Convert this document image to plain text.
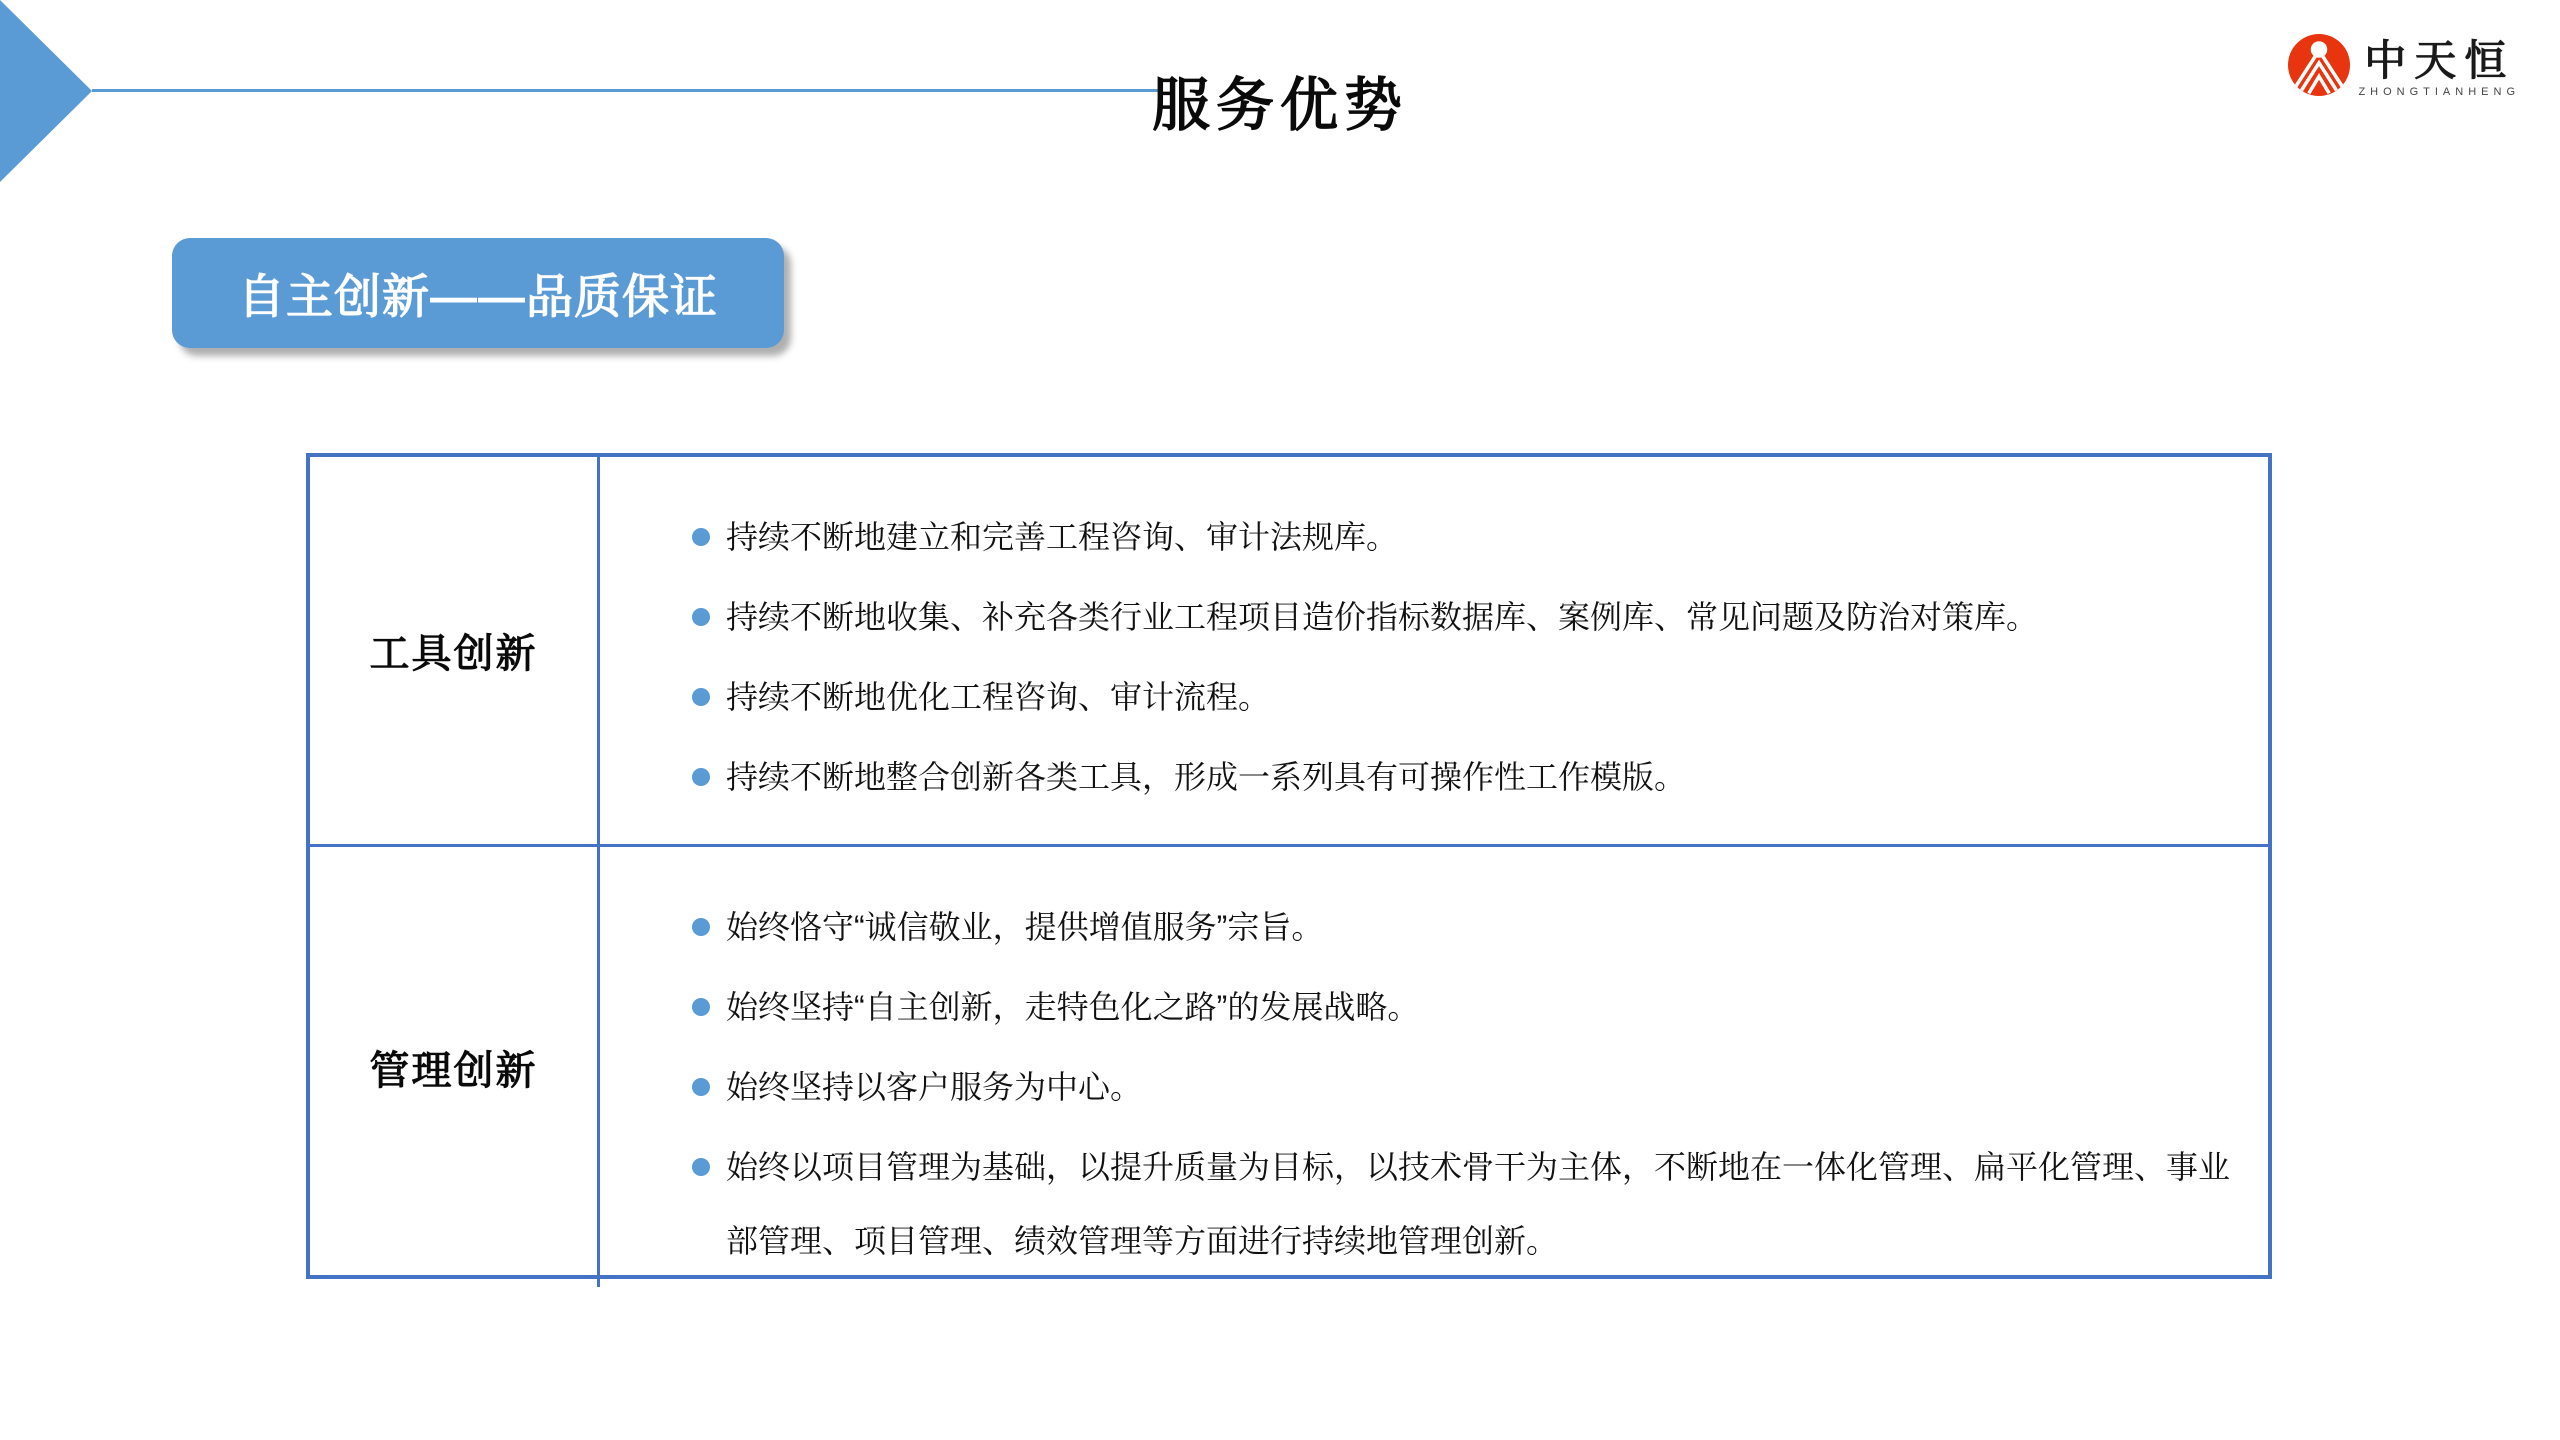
服务优势
中天恒
ZHONGTIANHENG
自主创新——品质保证
工具创新
持续不断地建立和完善工程咨询、审计法规库。
持续不断地收集、补充各类行业工程项目造价指标数据库、案例库、常见问题及防治对策库。
持续不断地优化工程咨询、审计流程。
持续不断地整合创新各类工具，形成一系列具有可操作性工作模版。
管理创新
始终恪守“诚信敬业，提供增值服务”宗旨。
始终坚持“自主创新，走特色化之路”的发展战略。
始终坚持以客户服务为中心。
始终以项目管理为基础，以提升质量为目标，以技术骨干为主体，不断地在一体化管理、扁平化管理、事业部管理、项目管理、绩效管理等方面进行持续地管理创新。
